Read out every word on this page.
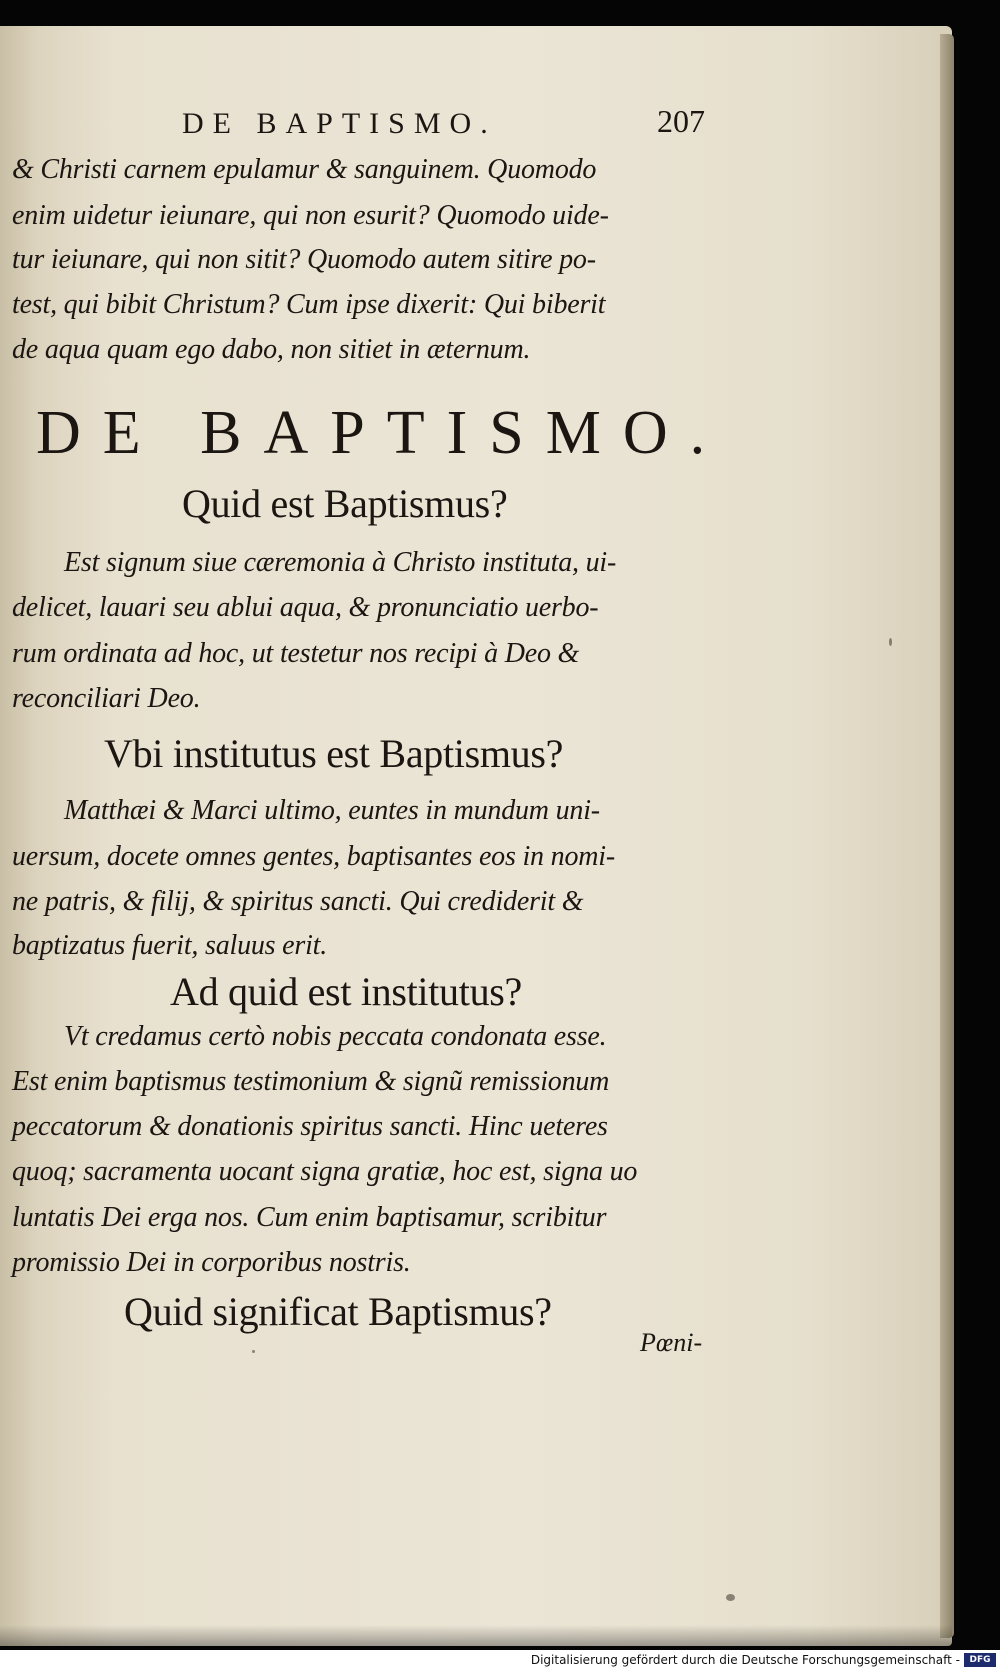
DE BAPTISMO.	207
& Christi carnem epulamur & sanguinem. Quomodo
enim uidetur ieiunare, qui non esurit? Quomodo uide-
tur ieiunare, qui non sitit? Quomodo autem sitire po-
test, qui bibit Christum? Cum ipse dixerit: Qui biberit
de aqua quam ego dabo, non sitiet in æternum.
DE BAPTISMO.
Quid est Baptismus?
Est signum siue cæremonia à Christo instituta, ui-
delicet, lauari seu ablui aqua, & pronunciatio uerbo-
rum ordinata ad hoc, ut testetur nos recipi à Deo &
reconciliari Deo.
Vbi institutus est Baptismus?
Matthæi & Marci ultimo, euntes in mundum uni-
uersum, docete omnes gentes, baptisantes eos in nomi-
ne patris, & filij, & spiritus sancti. Qui crediderit &
baptizatus fuerit, saluus erit.
Ad quid est institutus?
Vt credamus certò nobis peccata condonata esse.
Est enim baptismus testimonium & signũ remissionum
peccatorum & donationis spiritus sancti. Hinc ueteres
quoq; sacramenta uocant signa gratiæ, hoc est, signa uo
luntatis Dei erga nos. Cum enim baptisamur, scribitur
promissio Dei in corporibus nostris.
Quid significat Baptismus?
Pœni-
Digitalisierung gefördert durch die Deutsche Forschungsgemeinschaft -	DFG
